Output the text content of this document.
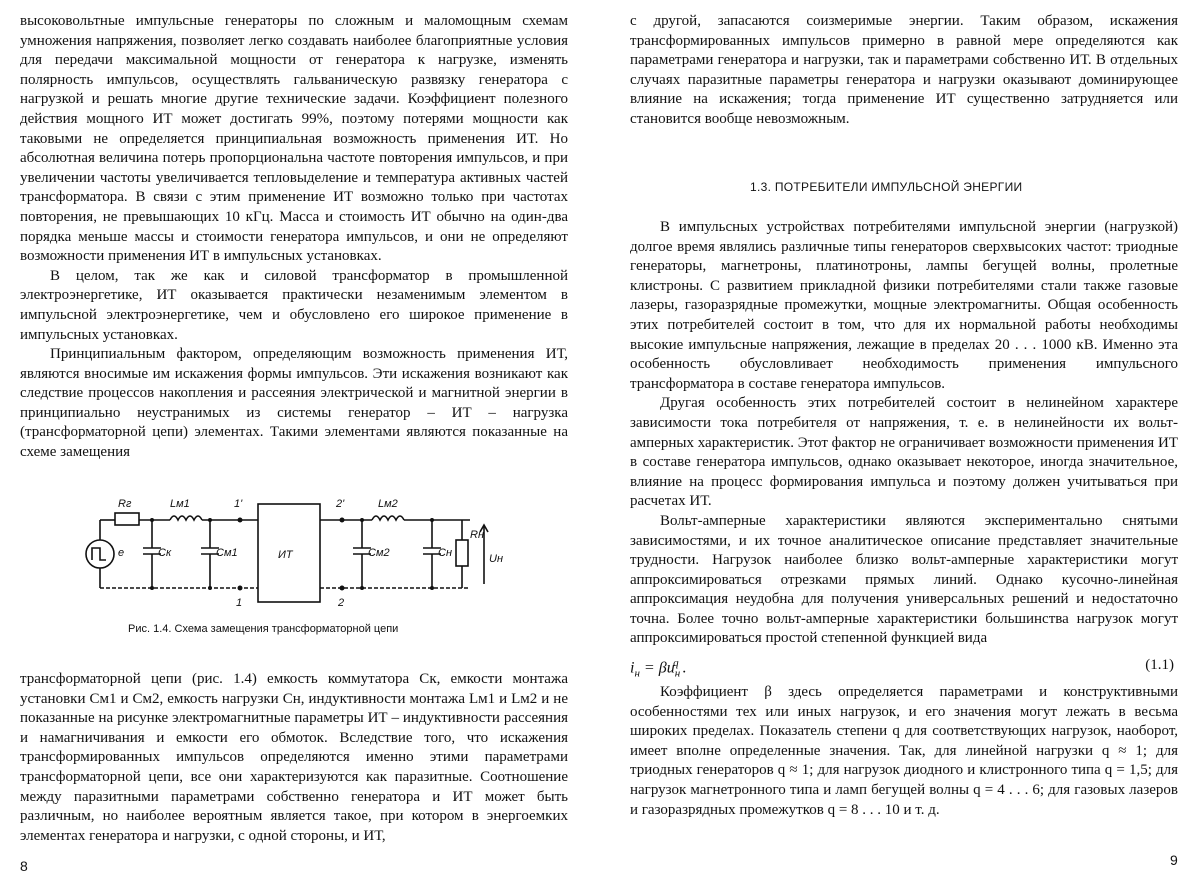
высоковольтные импульсные генераторы по сложным и маломощным схемам умножения напряжения, позволяет легко создавать наиболее благоприятные условия для передачи максимальной мощности от генератора к нагрузке, изменять полярность импульсов, осуществлять гальваническую развязку генератора с нагрузкой и решать многие другие технические задачи. Коэффициент полезного действия мощного ИТ может достигать 99%, поэтому потерями мощности как таковыми не определяется принципиальная возможность применения ИТ. Но абсолютная величина потерь пропорциональна частоте повторения импульсов, и при увеличении частоты увеличивается тепловыделение и температура активных частей трансформатора. В связи с этим применение ИТ возможно только при частотах повторения, не превышающих 10 кГц. Масса и стоимость ИТ обычно на один-два порядка меньше массы и стоимости генератора импульсов, и они не определяют возможности применения ИТ в импульсных установках.

В целом, так же как и силовой трансформатор в промышленной электроэнергетике, ИТ оказывается практически незаменимым элементом в импульсной электроэнергетике, чем и обусловлено его широкое применение в импульсных установках.

Принципиальным фактором, определяющим возможность применения ИТ, являются вносимые им искажения формы импульсов. Эти искажения возникают как следствие процессов накопления и рассеяния электрической и магнитной энергии в принципиально неустранимых из системы генератор – ИТ – нагрузка (трансформаторной цепи) элементах. Такими элементами являются показанные на схеме замещения

Rг	Lм1	1'
1
e	Cк	Cм1	ИТ
2'
2
Cм2
Lм2
Cн
Rн
Uн
Рис. 1.4. Схема замещения трансформаторной цепи

трансформаторной цепи (рис. 1.4) емкость коммутатора Cк, емкости монтажа установки Cм1 и Cм2, емкость нагрузки Cн, индуктивности монтажа Lм1 и Lм2 и не показанные на рисунке электромагнитные параметры ИТ – индуктивности рассеяния и намагничивания и емкости его обмоток. Вследствие того, что искажения трансформированных импульсов определяются именно этими параметрами трансформаторной цепи, все они характеризуются как паразитные. Соотношение между паразитными параметрами собственно генератора и ИТ может быть различным, но наиболее вероятным является такое, при котором в энергоемких элементах генератора и нагрузки, с одной стороны, и ИТ,

8

с другой, запасаются соизмеримые энергии. Таким образом, искажения трансформированных импульсов примерно в равной мере определяются как параметрами генератора и нагрузки, так и параметрами собственно ИТ. В отдельных случаях паразитные параметры генератора и нагрузки оказывают доминирующее влияние на искажения; тогда применение ИТ существенно затрудняется или становится вообще невозможным.

1.3. ПОТРЕБИТЕЛИ ИМПУЛЬСНОЙ ЭНЕРГИИ

В импульсных устройствах потребителями импульсной энергии (нагрузкой) долгое время являлись различные типы генераторов сверхвысоких частот: триодные генераторы, магнетроны, платинотроны, лампы бегущей волны, пролетные клистроны. С развитием прикладной физики потребителями стали также газовые лазеры, газоразрядные промежутки, мощные электромагниты. Общая особенность этих потребителей состоит в том, что для их нормальной работы необходимы высокие импульсные напряжения, лежащие в пределах 20 . . . 1000 кВ. Именно эта особенность обусловливает необходимость применения импульсного трансформатора в составе генератора импульсов.

Другая особенность этих потребителей состоит в нелинейном характере зависимости тока потребителя от напряжения, т. е. в нелинейности их вольт-амперных характеристик. Этот фактор не ограничивает возможности применения ИТ в составе генератора импульсов, однако оказывает некоторое, иногда значительное, влияние на процесс формирования импульса и поэтому должен учитываться при расчетах ИТ.

Вольт-амперные характеристики являются экспериментально снятыми зависимостями, и их точное аналитическое описание представляет значительные трудности. Нагрузок наиболее близко вольт-амперные характеристики могут аппроксимироваться отрезками прямых линий. Однако кусочно-линейная аппроксимация неудобна для получения универсальных решений и недостаточно точна. Более точно вольт-амперные характеристики большинства нагрузок могут аппроксимироваться простой степенной функцией вида

$i_н = \beta u_н^q$ .	(1.1)

Коэффициент β здесь определяется параметрами и конструктивными особенностями тех или иных нагрузок, и его значения могут лежать в весьма широких пределах. Показатель степени q для соответствующих нагрузок, наоборот, имеет вполне определенные значения. Так, для линейной нагрузки q ≈ 1; для триодных генераторов q ≈ 1; для нагрузок диодного и клистронного типа q = 1,5; для нагрузок магнетронного типа и ламп бегущей волны q = 4 . . . 6; для газовых лазеров и газоразрядных промежутков q = 8 . . . 10 и т. д.

9
